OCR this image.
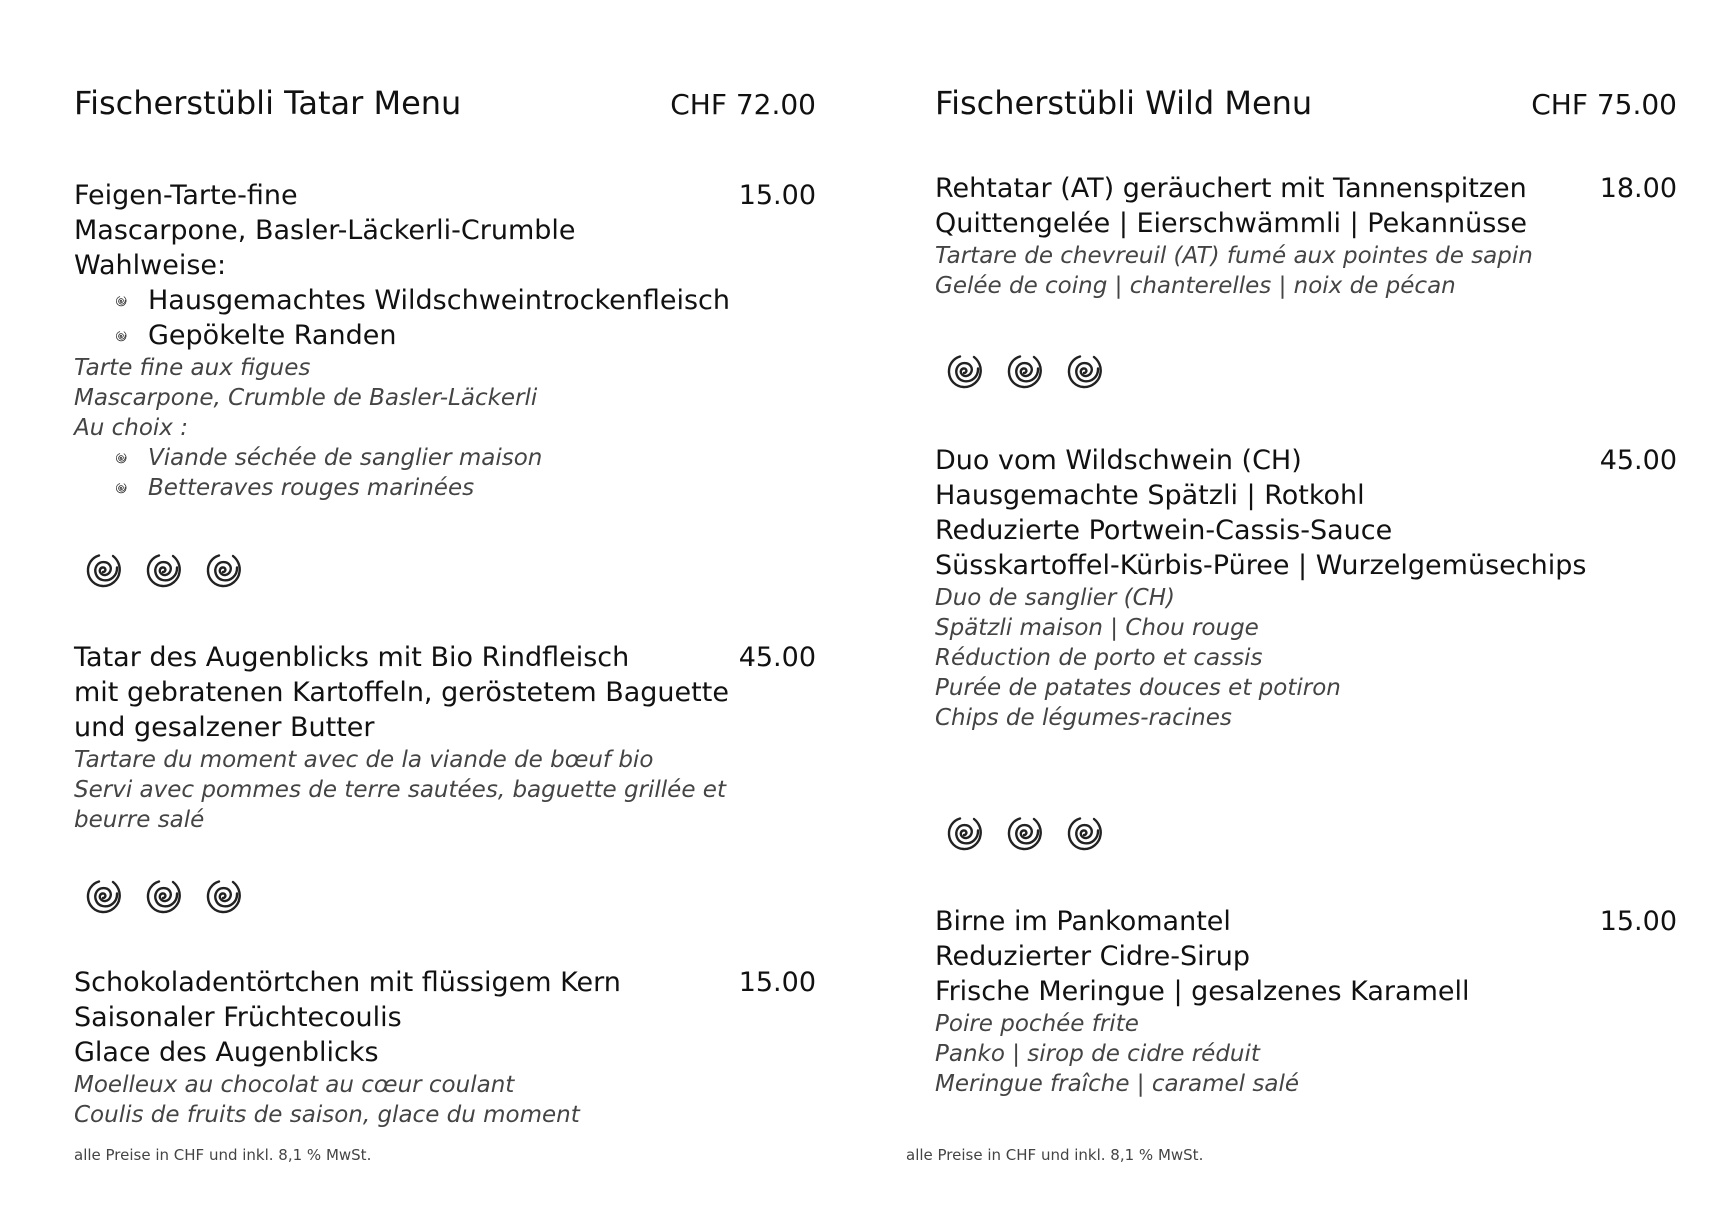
Fischerstübli Tatar Menu	CHF 72.00
15.00
Feigen-Tarte-fine
Mascarpone, Basler-Läckerli-Crumble
Wahlweise:
Hausgemachtes Wildschweintrockenfleisch
Gepökelte Randen
Tarte fine aux figues
Mascarpone, Crumble de Basler-Läckerli
Au choix :
Viande séchée de sanglier maison
Betteraves rouges marinées
45.00
Tatar des Augenblicks mit Bio Rindfleisch
mit gebratenen Kartoffeln, geröstetem Baguette
und gesalzener Butter
Tartare du moment avec de la viande de bœuf bio
Servi avec pommes de terre sautées, baguette grillée et
beurre salé
15.00
Schokoladentörtchen mit flüssigem Kern
Saisonaler Früchtecoulis
Glace des Augenblicks
Moelleux au chocolat au cœur coulant
Coulis de fruits de saison, glace du moment
alle Preise in CHF und inkl. 8,1 % MwSt.
Fischerstübli Wild Menu	CHF 75.00
18.00
Rehtatar (AT) geräuchert mit Tannenspitzen
Quittengelée | Eierschwämmli | Pekannüsse
Tartare de chevreuil (AT) fumé aux pointes de sapin
Gelée de coing | chanterelles | noix de pécan
45.00
Duo vom Wildschwein (CH)
Hausgemachte Spätzli | Rotkohl
Reduzierte Portwein-Cassis-Sauce
Süsskartoffel-Kürbis-Püree | Wurzelgemüsechips
Duo de sanglier (CH)
Spätzli maison | Chou rouge
Réduction de porto et cassis
Purée de patates douces et potiron
Chips de légumes-racines
15.00
Birne im Pankomantel
Reduzierter Cidre-Sirup
Frische Meringue | gesalzenes Karamell
Poire pochée frite
Panko | sirop de cidre réduit
Meringue fraîche | caramel salé
alle Preise in CHF und inkl. 8,1 % MwSt.
